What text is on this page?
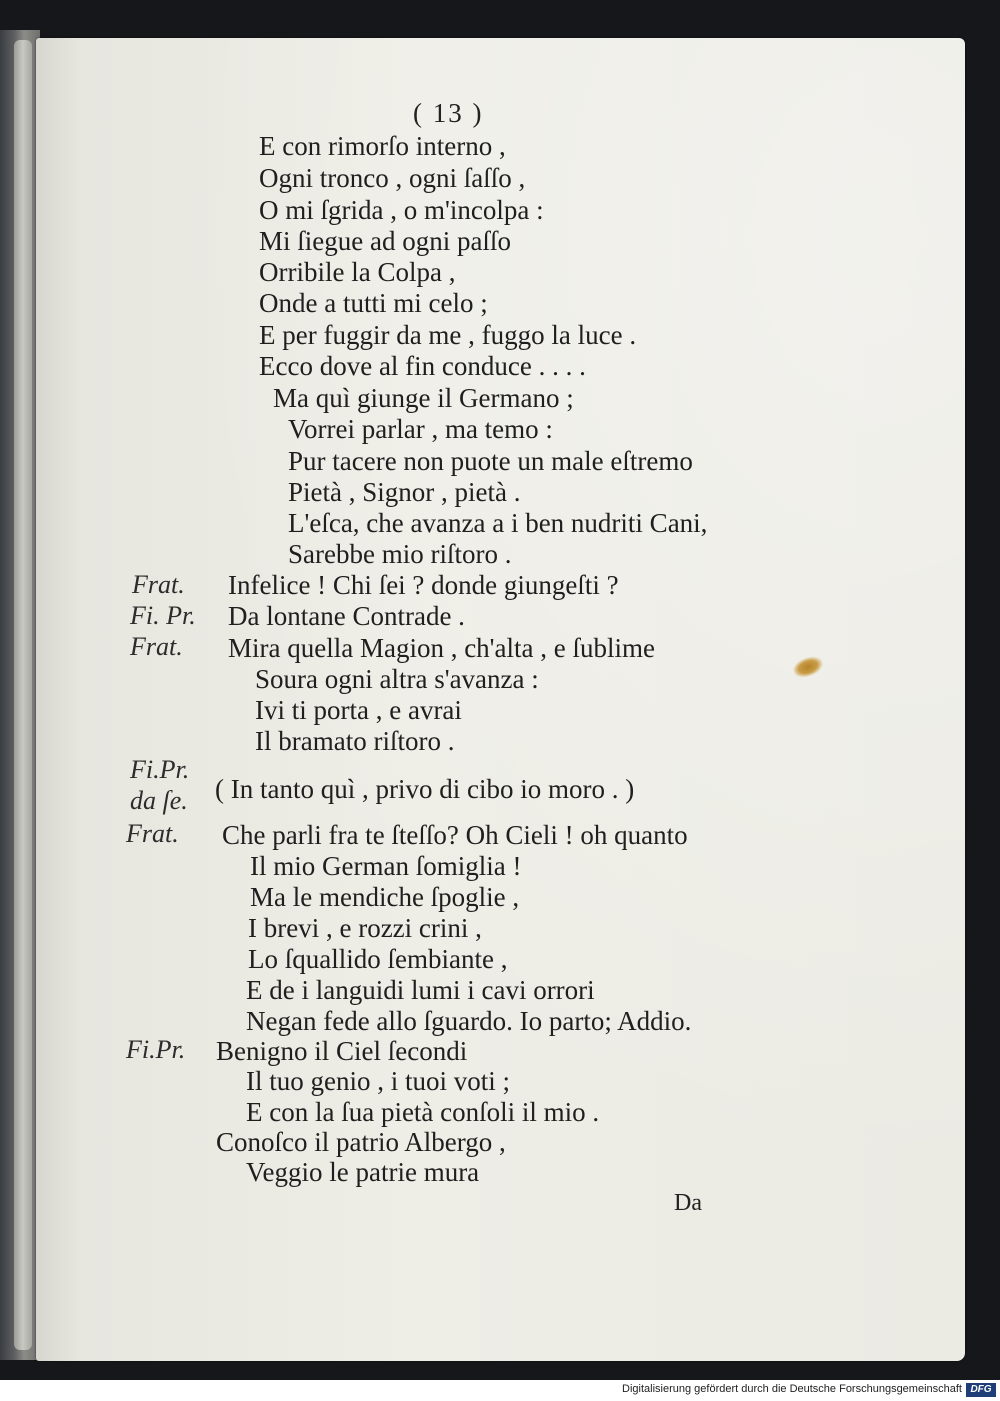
( 13 )
E con rimorſo interno ,
Ogni tronco , ogni ſaſſo ,
O mi ſgrida , o m'incolpa :
Mi ſiegue ad ogni paſſo
Orribile la Colpa ,
Onde a tutti mi celo ;
E per fuggir da me , fuggo la luce .
Ecco dove al fin conduce . . . .
Ma quì giunge il Germano ;
Vorrei parlar , ma temo :
Pur tacere non puote un male eſtremo
Pietà , Signor , pietà .
L'eſca, che avanza a i ben nudriti Cani,
Sarebbe mio riſtoro .
Infelice ! Chi ſei ? donde giungeſti ?
Da lontane Contrade .
Mira quella Magion , ch'alta , e ſublime
Soura ogni altra s'avanza :
Ivi ti porta , e avrai
Il bramato riſtoro .
( In tanto quì , privo di cibo io moro . )
Che parli fra te ſteſſo? Oh Cieli ! oh quanto
Il mio German ſomiglia !
Ma le mendiche ſpoglie ,
I brevi , e rozzi crini ,
Lo ſquallido ſembiante ,
E de i languidi lumi i cavi orrori
Negan fede allo ſguardo. Io parto; Addio.
Benigno il Ciel ſecondi
Il tuo genio , i tuoi voti ;
E con la ſua pietà conſoli il mio .
Conoſco il patrio Albergo ,
Veggio le patrie mura
Frat.
Fi. Pr.
Frat.
Fi.Pr.
da ſe.
Frat.
Fi.Pr.
Da
Digitalisierung gefördert durch die Deutsche Forschungsgemeinschaft DFG
